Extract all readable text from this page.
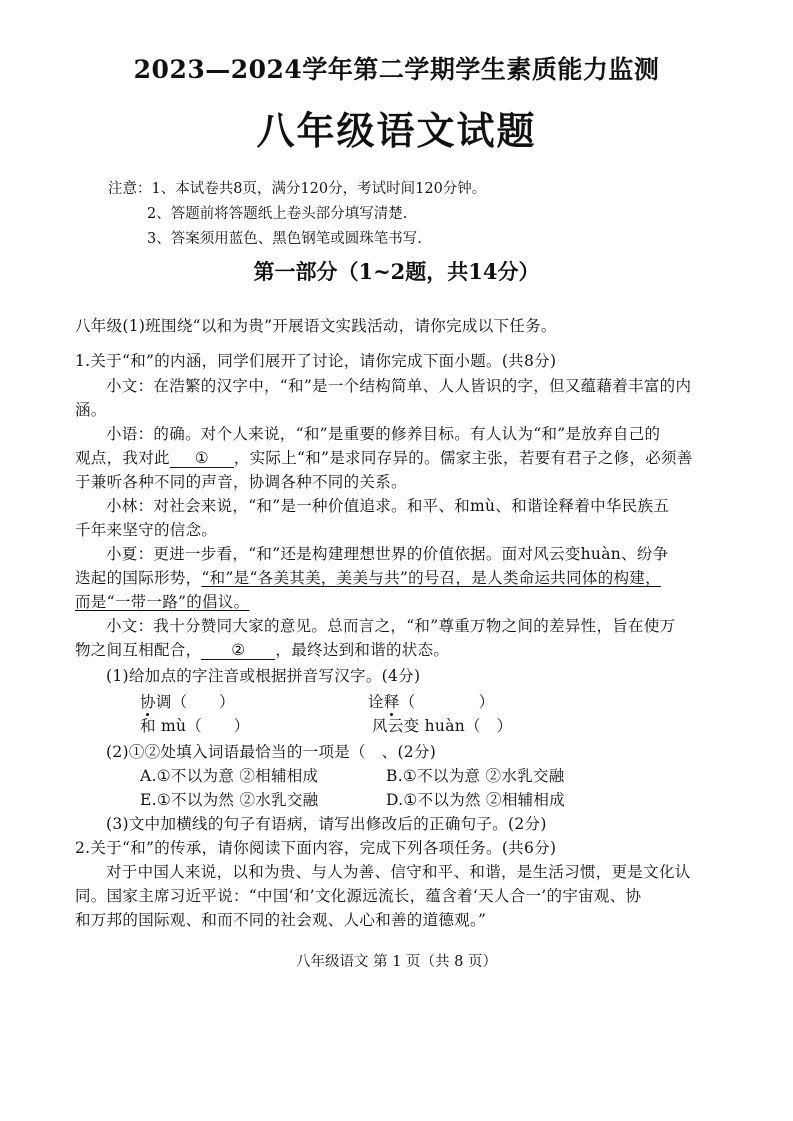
2023—2024学年第二学期学生素质能力监测
八年级语文试题
注意：1、本试卷共8页，满分120分，考试时间120分钟。
2、答题前将答题纸上卷头部分填写清楚.
3、答案须用蓝色、黑色钢笔或圆珠笔书写.
第一部分（1~2题，共14分）
八年级(1)班围绕“以和为贵”开展语文实践活动，请你完成以下任务。
1.关于“和”的内涵，同学们展开了讨论，请你完成下面小题。(共8分)
小文：在浩繁的汉字中，“和”是一个结构简单、人人皆识的字，但又蕴藉着丰富的内
涵。
小语：的确。对个人来说，“和”是重要的修养目标。有人认为“和”是放弃自己的
观点，我对此 ① ，实际上“和”是求同存异的。儒家主张，若要有君子之修，必须善
于兼听各种不同的声音，协调各种不同的关系。
小林：对社会来说，“和”是一种价值追求。和平、和mù、和谐诠释着中华民族五
千年来坚守的信念。
小夏：更进一步看，“和”还是构建理想世界的价值依据。面对风云变huàn、纷争
迭起的国际形势，“和”是“各美其美，美美与共”的号召，是人类命运共同体的构建，
而是“一带一路”的倡议。
小文：我十分赞同大家的意见。总而言之，“和”尊重万物之间的差异性，旨在使万
物之间互相配合， ② ，最终达到和谐的状态。
(1)给加点的字注音或根据拼音写汉字。(4分)
协调（　　）	诠释（　　　　）
和 mù（　　）	风云变 huàn（　）
(2)①②处填入词语最恰当的一项是（　、(2分)
A.①不以为意 ②相辅相成	B.①不以为意 ②水乳交融
E.①不以为然 ②水乳交融	D.①不以为然 ②相辅相成
(3)文中加横线的句子有语病，请写出修改后的正确句子。(2分)
2.关于“和”的传承，请你阅读下面内容，完成下列各项任务。(共6分)
对于中国人来说，以和为贵、与人为善、信守和平、和谐，是生活习惯，更是文化认
同。国家主席习近平说：“中国‘和’文化源远流长，蕴含着‘天人合一’的宇宙观、协
和万邦的国际观、和而不同的社会观、人心和善的道德观。”
八年级语文 第 1 页（共 8 页）
